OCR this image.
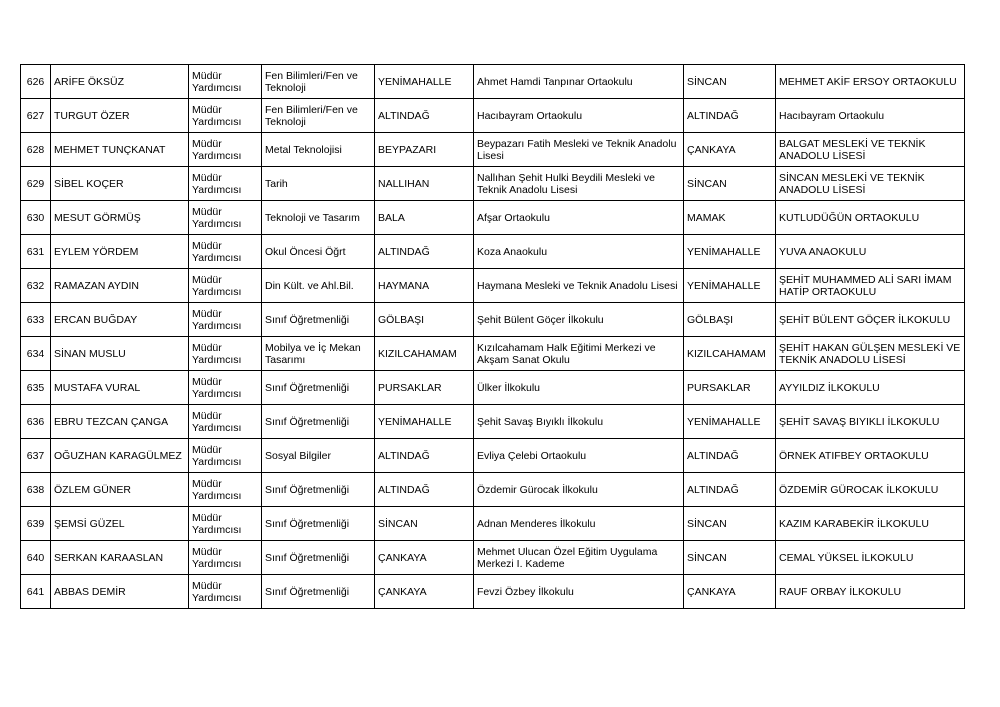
626	ARİFE ÖKSÜZ	Müdür Yardımcısı	Fen Bilimleri/Fen ve Teknoloji	YENİMAHALLE	Ahmet Hamdi Tanpınar Ortaokulu	SİNCAN	MEHMET AKİF ERSOY ORTAOKULU
627	TURGUT ÖZER	Müdür Yardımcısı	Fen Bilimleri/Fen ve Teknoloji	ALTINDAĞ	Hacıbayram Ortaokulu	ALTINDAĞ	Hacıbayram Ortaokulu
628	MEHMET TUNÇKANAT	Müdür Yardımcısı	Metal Teknolojisi	BEYPAZARI	Beypazarı Fatih Mesleki ve Teknik Anadolu Lisesi	ÇANKAYA	BALGAT MESLEKİ VE TEKNİK ANADOLU LİSESİ
629	SİBEL KOÇER	Müdür Yardımcısı	Tarih	NALLIHAN	Nallıhan Şehit Hulki Beydili Mesleki ve Teknik Anadolu Lisesi	SİNCAN	SİNCAN MESLEKİ VE TEKNİK ANADOLU LİSESİ
630	MESUT GÖRMÜŞ	Müdür Yardımcısı	Teknoloji ve Tasarım	BALA	Afşar Ortaokulu	MAMAK	KUTLUDÜĞÜN ORTAOKULU
631	EYLEM YÖRDEM	Müdür Yardımcısı	Okul Öncesi Öğrt	ALTINDAĞ	Koza Anaokulu	YENİMAHALLE	YUVA ANAOKULU
632	RAMAZAN AYDIN	Müdür Yardımcısı	Din Kült. ve Ahl.Bil.	HAYMANA	Haymana Mesleki ve Teknik Anadolu Lisesi	YENİMAHALLE	ŞEHİT MUHAMMED ALİ SARI İMAM HATİP ORTAOKULU
633	ERCAN BUĞDAY	Müdür Yardımcısı	Sınıf Öğretmenliği	GÖLBAŞI	Şehit Bülent Göçer İlkokulu	GÖLBAŞI	ŞEHİT BÜLENT GÖÇER İLKOKULU
634	SİNAN MUSLU	Müdür Yardımcısı	Mobilya ve İç Mekan Tasarımı	KIZILCAHAMAM	Kızılcahamam Halk Eğitimi Merkezi ve Akşam Sanat Okulu	KIZILCAHAMAM	ŞEHİT HAKAN GÜLŞEN MESLEKİ VE TEKNİK ANADOLU LİSESİ
635	MUSTAFA VURAL	Müdür Yardımcısı	Sınıf Öğretmenliği	PURSAKLAR	Ülker İlkokulu	PURSAKLAR	AYYILDIZ İLKOKULU
636	EBRU TEZCAN ÇANGA	Müdür Yardımcısı	Sınıf Öğretmenliği	YENİMAHALLE	Şehit Savaş Bıyıklı İlkokulu	YENİMAHALLE	ŞEHİT SAVAŞ BIYIKLI İLKOKULU
637	OĞUZHAN KARAGÜLMEZ	Müdür Yardımcısı	Sosyal Bilgiler	ALTINDAĞ	Evliya Çelebi Ortaokulu	ALTINDAĞ	ÖRNEK ATIFBEY ORTAOKULU
638	ÖZLEM GÜNER	Müdür Yardımcısı	Sınıf Öğretmenliği	ALTINDAĞ	Özdemir Gürocak İlkokulu	ALTINDAĞ	ÖZDEMİR GÜROCAK İLKOKULU
639	ŞEMSİ GÜZEL	Müdür Yardımcısı	Sınıf Öğretmenliği	SİNCAN	Adnan Menderes İlkokulu	SİNCAN	KAZIM KARABEKİR İLKOKULU
640	SERKAN KARAASLAN	Müdür Yardımcısı	Sınıf Öğretmenliği	ÇANKAYA	Mehmet Ulucan Özel Eğitim Uygulama Merkezi I. Kademe	SİNCAN	CEMAL YÜKSEL İLKOKULU
641	ABBAS DEMİR	Müdür Yardımcısı	Sınıf Öğretmenliği	ÇANKAYA	Fevzi Özbey İlkokulu	ÇANKAYA	RAUF ORBAY İLKOKULU
